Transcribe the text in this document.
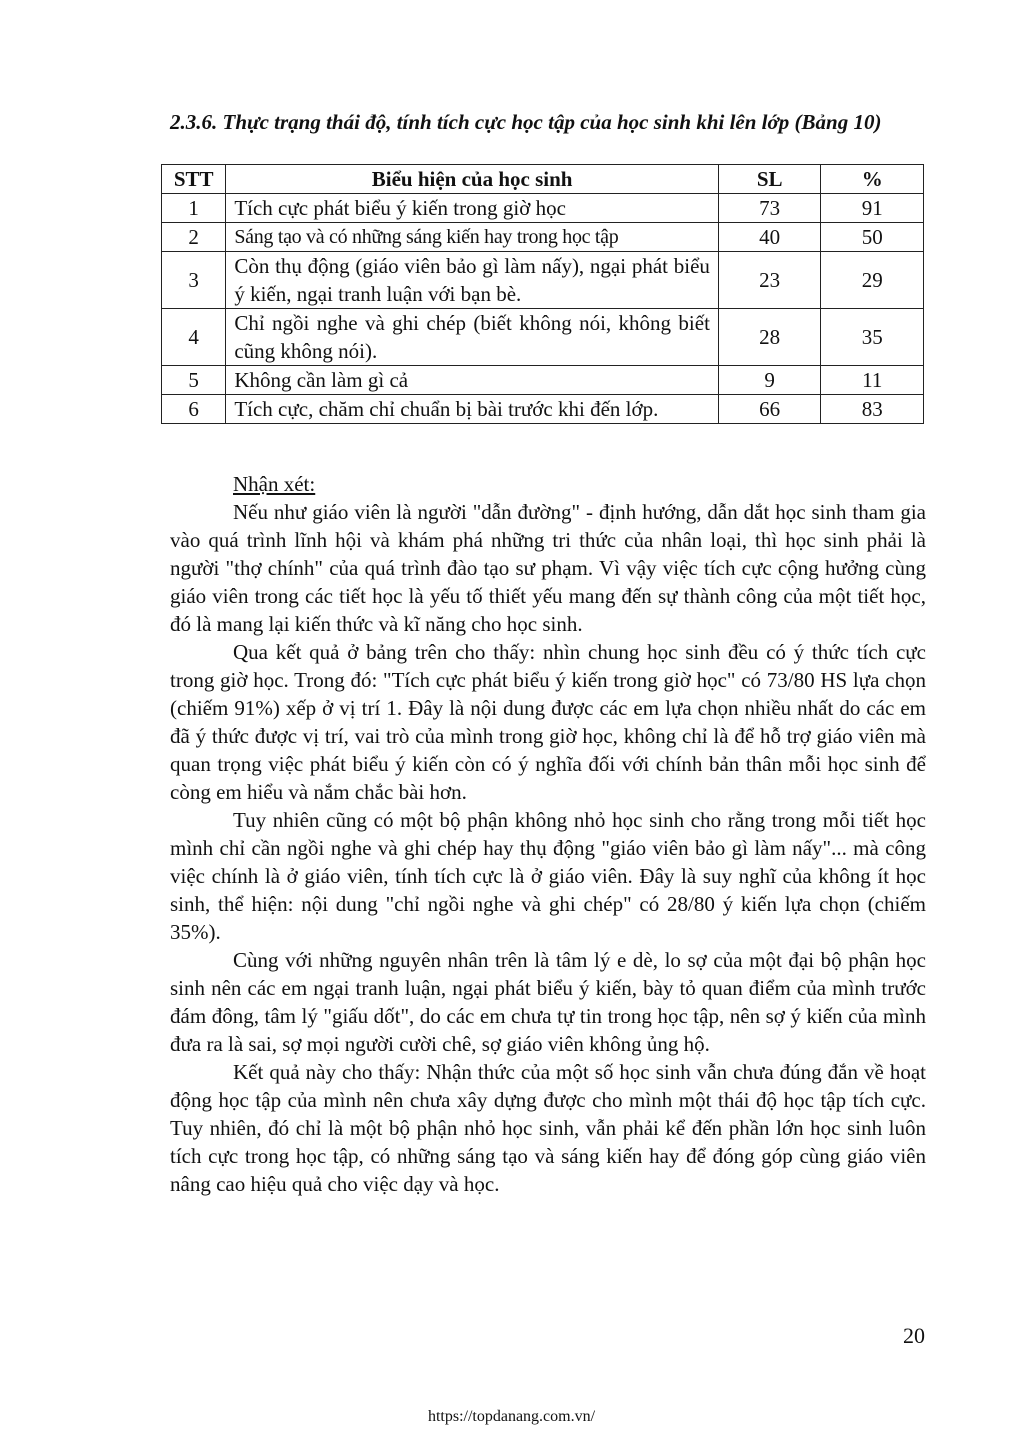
2.3.6. Thực trạng thái độ, tính tích cực học tập của học sinh khi lên lớp (Bảng 10)
STT	Biểu hiện của học sinh	SL	%
1	Tích cực phát biểu ý kiến trong giờ học	73	91
2	Sáng tạo và có những sáng kiến hay trong học tập	40	50
3	Còn thụ động (giáo viên bảo gì làm nấy), ngại phát biểu ý kiến, ngại tranh luận với bạn bè.	23	29
4	Chỉ ngồi nghe và ghi chép (biết không nói, không biết cũng không nói).	28	35
5	Không cần làm gì cả	9	11
6	Tích cực, chăm chỉ chuẩn bị bài trước khi đến lớp.	66	83
Nhận xét:

Nếu như giáo viên là người "dẫn đường" - định hướng, dẫn dắt học sinh tham gia vào quá trình lĩnh hội và khám phá những tri thức của nhân loại, thì học sinh phải là người "thợ chính" của quá trình đào tạo sư phạm. Vì vậy việc tích cực cộng hưởng cùng giáo viên trong các tiết học là yếu tố thiết yếu mang đến sự thành công của một tiết học, đó là mang lại kiến thức và kĩ năng cho học sinh.

Qua kết quả ở bảng trên cho thấy: nhìn chung học sinh đều có ý thức tích cực trong giờ học. Trong đó: "Tích cực phát biểu ý kiến trong giờ học" có 73/80 HS lựa chọn (chiếm 91%) xếp ở vị trí 1. Đây là nội dung được các em lựa chọn nhiều nhất do các em đã ý thức được vị trí, vai trò của mình trong giờ học, không chỉ là để hỗ trợ giáo viên mà quan trọng việc phát biểu ý kiến còn có ý nghĩa đối với chính bản thân mỗi học sinh để còng em hiểu và nắm chắc bài hơn.

Tuy nhiên cũng có một bộ phận không nhỏ học sinh cho rằng trong mỗi tiết học mình chỉ cần ngồi nghe và ghi chép hay thụ động "giáo viên bảo gì làm nấy"... mà công việc chính là ở giáo viên, tính tích cực là ở giáo viên. Đây là suy nghĩ của không ít học sinh, thể hiện: nội dung "chỉ ngồi nghe và ghi chép" có 28/80 ý kiến lựa chọn (chiếm 35%).

Cùng với những nguyên nhân trên là tâm lý e dè, lo sợ của một đại bộ phận học sinh nên các em ngại tranh luận, ngại phát biểu ý kiến, bày tỏ quan điểm của mình trước đám đông, tâm lý "giấu dốt", do các em chưa tự tin trong học tập, nên sợ ý kiến của mình đưa ra là sai, sợ mọi người cười chê, sợ giáo viên không ủng hộ.

Kết quả này cho thấy: Nhận thức của một số học sinh vẫn chưa đúng đắn về hoạt động học tập của mình nên chưa xây dựng được cho mình một thái độ học tập tích cực. Tuy nhiên, đó chỉ là một bộ phận nhỏ học sinh, vẫn phải kể đến phần lớn học sinh luôn tích cực trong học tập, có những sáng tạo và sáng kiến hay để đóng góp cùng giáo viên nâng cao hiệu quả cho việc dạy và học.

20
https://topdanang.com.vn/
